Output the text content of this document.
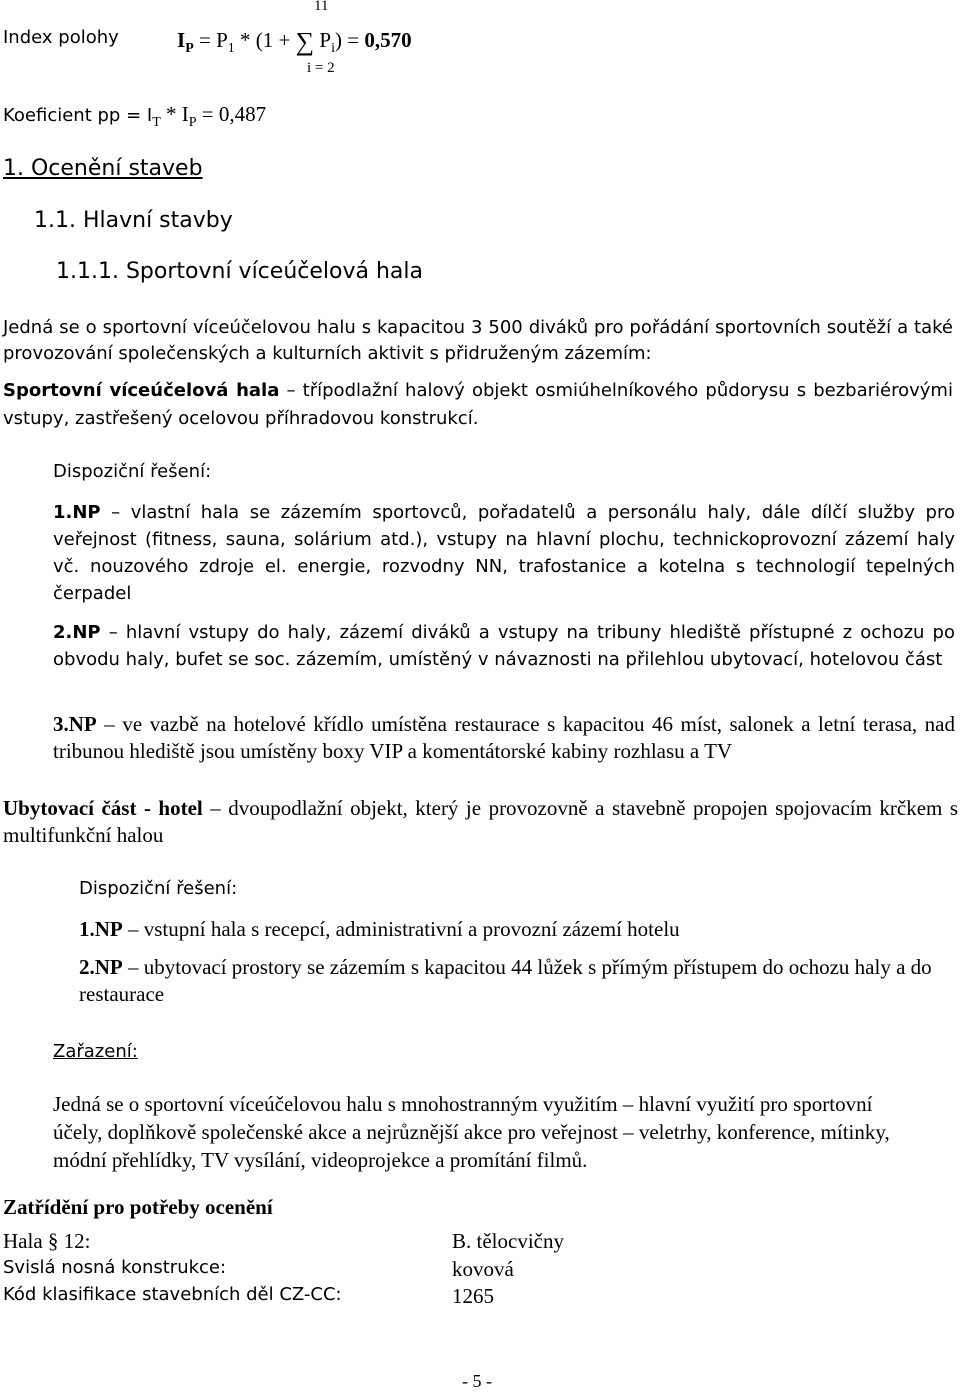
Index polohy
11
$I_P = P_1 * (1$ + ∑ $P_i) = 0,570$
i = 2
Koeficient pp = $I_T * I_P = 0,487$
1. Ocenění staveb
1.1. Hlavní stavby
1.1.1. Sportovní víceúčelová hala

Jedná se o sportovní víceúčelovou halu s kapacitou 3 500 diváků pro pořádání sportovních soutěží a také provozování společenských a kulturních aktivit s přidruženým zázemím:

Sportovní víceúčelová hala – třípodlažní halový objekt osmiúhelníkového půdorysu s bezbariérovými vstupy, zastřešený ocelovou příhradovou konstrukcí.

Dispoziční řešení:

1.NP – vlastní hala se zázemím sportovců, pořadatelů a personálu haly, dále dílčí služby pro veřejnost (fitness, sauna, solárium atd.), vstupy na hlavní plochu, technickoprovozní zázemí haly vč. nouzového zdroje el. energie, rozvodny NN, trafostanice a kotelna s technologií tepelných čerpadel

2.NP – hlavní vstupy do haly, zázemí diváků a vstupy na tribuny hlediště přístupné z ochozu po obvodu haly, bufet se soc. zázemím, umístěný v návaznosti na přilehlou ubytovací, hotelovou část

3.NP – ve vazbě na hotelové křídlo umístěna restaurace s kapacitou 46 míst, salonek a letní terasa, nad tribunou hlediště jsou umístěny boxy VIP a komentátorské kabiny rozhlasu a TV

Ubytovací část - hotel – dvoupodlažní objekt, který je provozovně a stavebně propojen spojovacím krčkem s multifunkční halou

Dispoziční řešení:

1.NP – vstupní hala s recepcí, administrativní a provozní zázemí hotelu

2.NP – ubytovací prostory se zázemím s kapacitou 44 lůžek s přímým přístupem do ochozu haly a do restaurace

Zařazení:

Jedná se o sportovní víceúčelovou halu s mnohostranným využitím – hlavní využití pro sportovní účely, doplňkově společenské akce a nejrůznější akce pro veřejnost – veletrhy, konference, mítinky, módní přehlídky, TV vysílání, videoprojekce a promítání filmů.

Zatřídění pro potřeby ocenění
Hala § 12:	B. tělocvičny
Svislá nosná konstrukce:	kovová
Kód klasifikace stavebních děl CZ-CC:	1265
- 5 -
